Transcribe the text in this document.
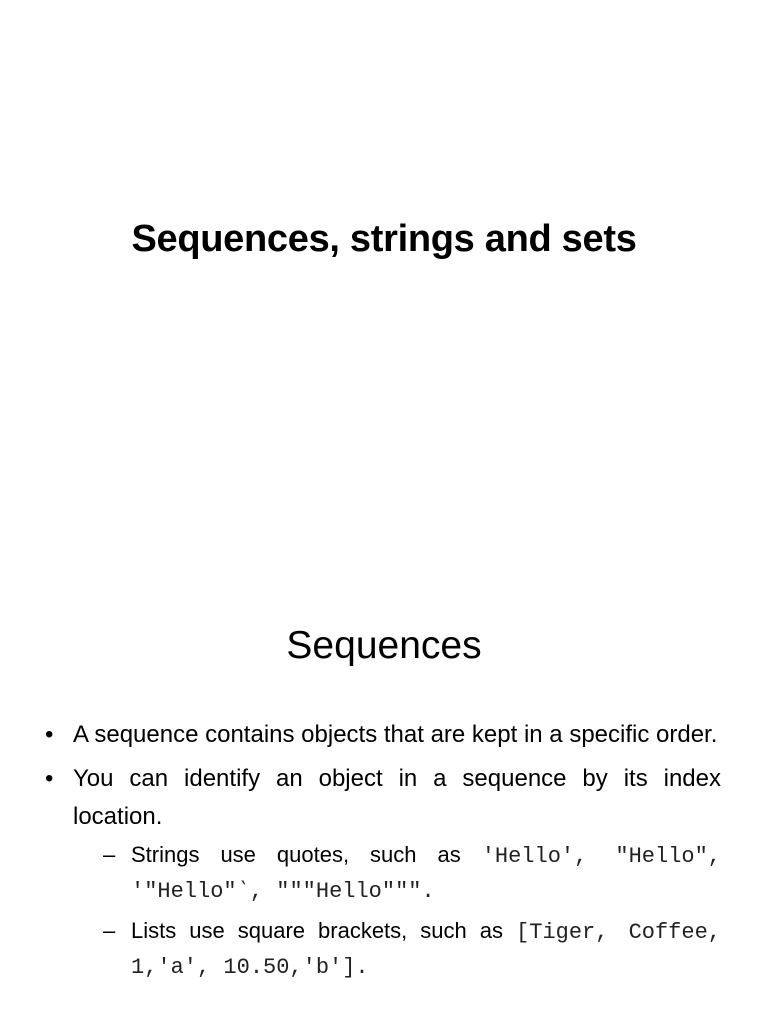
Sequences, strings and sets
Sequences
• A sequence contains objects that are kept in a specific order.
• You can identify an object in a sequence by its index location.
– Strings use quotes, such as 'Hello', "Hello", '"Hello"‵, """Hello""".
– Lists use square brackets, such as [Tiger, Coffee, 1,'a', 10.50,'b'].
